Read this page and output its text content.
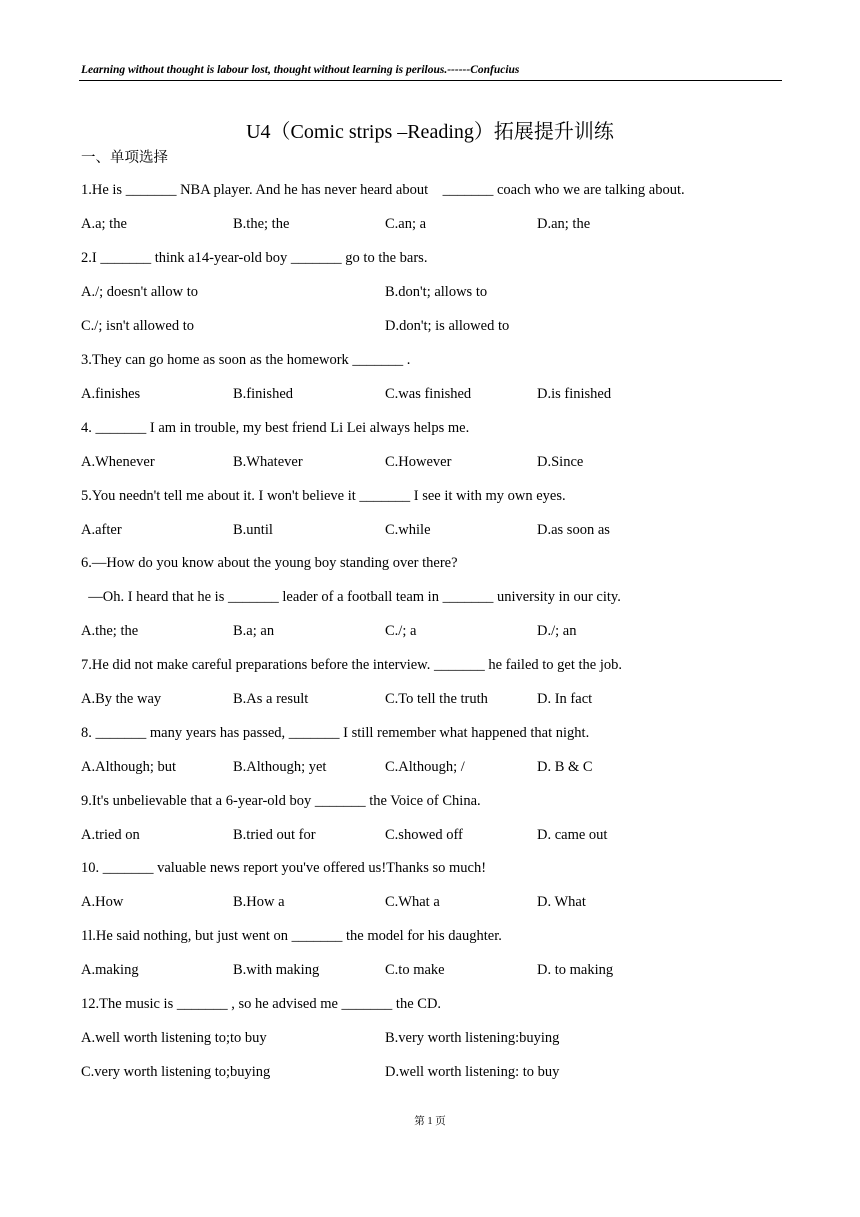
Learning without thought is labour lost, thought without learning is perilous.------Confucius
U4（Comic strips –Reading）拓展提升训练
一、单项选择
1.He is _______ NBA player. And he has never heard about    _______ coach who we are talking about.
A.a; the	B.the; the	C.an; a	D.an; the
2.I _______ think a14-year-old boy _______ go to the bars.
A./; doesn't allow to	B.don't; allows to
C./; isn't allowed to	D.don't; is allowed to
3.They can go home as soon as the homework _______ .
A.finishes	B.finished	C.was finished	D.is finished
4. _______ I am in trouble, my best friend Li Lei always helps me.
A.Whenever	B.Whatever	C.However	D.Since
5.You needn't tell me about it. I won't believe it _______ I see it with my own eyes.
A.after	B.until	C.while	D.as soon as
6.—How do you know about the young boy standing over there?
—Oh. I heard that he is _______ leader of a football team in _______ university in our city.
A.the; the	B.a; an	C./; a	D./; an
7.He did not make careful preparations before the interview. _______ he failed to get the job.
A.By the way	B.As a result	C.To tell the truth	D. In fact
8. _______ many years has passed, _______ I still remember what happened that night.
A.Although; but	B.Although; yet	C.Although; /	D. B & C
9.It's unbelievable that a 6-year-old boy _______ the Voice of China.
A.tried on	B.tried out for	C.showed off	D. came out
10. _______ valuable news report you've offered us!Thanks so much!
A.How	B.How a	C.What a	D. What
1l.He said nothing, but just went on _______ the model for his daughter.
A.making	B.with making	C.to make	D. to making
12.The music is _______ , so he advised me _______ the CD.
A.well worth listening to;to buy	B.very worth listening:buying
C.very worth listening to;buying	D.well worth listening: to buy
第 1 页
